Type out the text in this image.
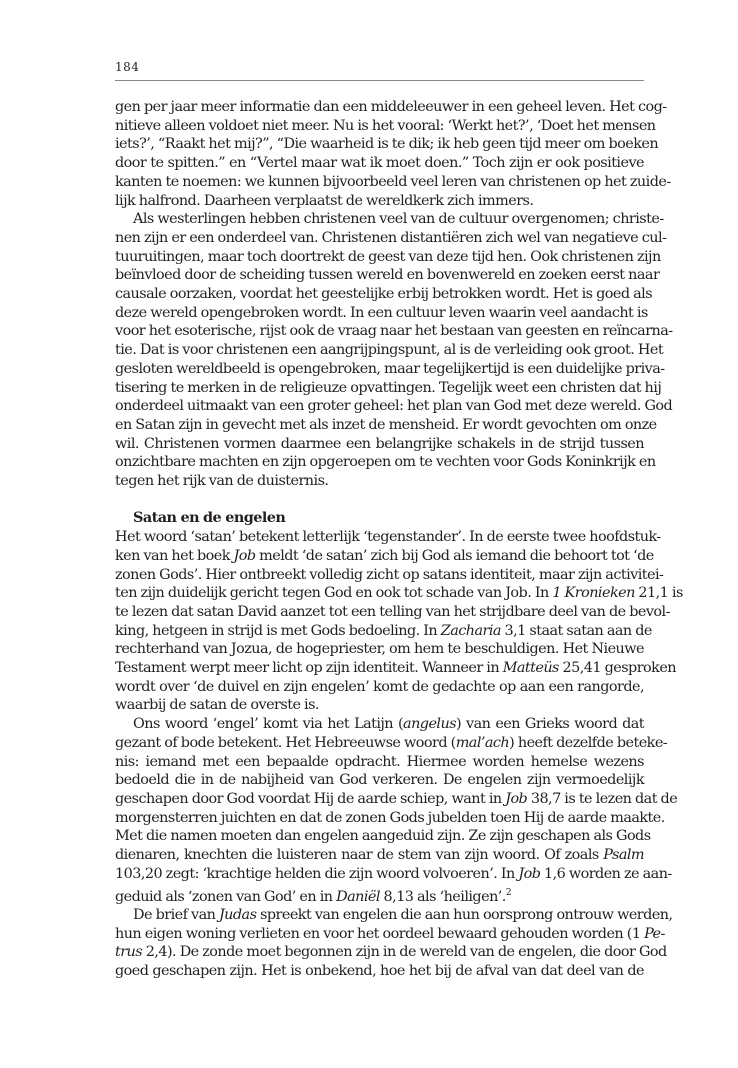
184
gen per jaar meer informatie dan een middeleeuwer in een geheel leven. Het cog-
nitieve alleen voldoet niet meer. Nu is het vooral: ‘Werkt het?’, ‘Doet het mensen
iets?’, “Raakt het mij?”, “Die waarheid is te dik; ik heb geen tijd meer om boeken
door te spitten.” en “Vertel maar wat ik moet doen.” Toch zijn er ook positieve
kanten te noemen: we kunnen bijvoorbeeld veel leren van christenen op het zuide-
lijk halfrond. Daarheen verplaatst de wereldkerk zich immers.
Als westerlingen hebben christenen veel van de cultuur overgenomen; christe-
nen zijn er een onderdeel van. Christenen distantiëren zich wel van negatieve cul-
tuuruitingen, maar toch doortrekt de geest van deze tijd hen. Ook christenen zijn
beïnvloed door de scheiding tussen wereld en bovenwereld en zoeken eerst naar
causale oorzaken, voordat het geestelijke erbij betrokken wordt. Het is goed als
deze wereld opengebroken wordt. In een cultuur leven waarin veel aandacht is
voor het esoterische, rijst ook de vraag naar het bestaan van geesten en reïncarna-
tie. Dat is voor christenen een aangrijpingspunt, al is de verleiding ook groot. Het
gesloten wereldbeeld is opengebroken, maar tegelijkertijd is een duidelijke priva-
tisering te merken in de religieuze opvattingen. Tegelijk weet een christen dat hij
onderdeel uitmaakt van een groter geheel: het plan van God met deze wereld. God
en Satan zijn in gevecht met als inzet de mensheid. Er wordt gevochten om onze
wil. Christenen vormen daarmee een belangrijke schakels in de strijd tussen
onzichtbare machten en zijn opgeroepen om te vechten voor Gods Koninkrijk en
tegen het rijk van de duisternis.
Satan en de engelen
Het woord ‘satan’ betekent letterlijk ‘tegenstander’. In de eerste twee hoofdstuk-
ken van het boek Job meldt ‘de satan’ zich bij God als iemand die behoort tot ‘de
zonen Gods’. Hier ontbreekt volledig zicht op satans identiteit, maar zijn activitei-
ten zijn duidelijk gericht tegen God en ook tot schade van Job. In 1 Kronieken 21,1 is
te lezen dat satan David aanzet tot een telling van het strijdbare deel van de bevol-
king, hetgeen in strijd is met Gods bedoeling. In Zacharia 3,1 staat satan aan de
rechterhand van Jozua, de hogepriester, om hem te beschuldigen. Het Nieuwe
Testament werpt meer licht op zijn identiteit. Wanneer in Matteüs 25,41 gesproken
wordt over ‘de duivel en zijn engelen’ komt de gedachte op aan een rangorde,
waarbij de satan de overste is.
Ons woord ‘engel’ komt via het Latijn (angelus) van een Grieks woord dat
gezant of bode betekent. Het Hebreeuwse woord (mal’ach) heeft dezelfde beteke-
nis: iemand met een bepaalde opdracht. Hiermee worden hemelse wezens
bedoeld die in de nabijheid van God verkeren. De engelen zijn vermoedelijk
geschapen door God voordat Hij de aarde schiep, want in Job 38,7 is te lezen dat de
morgensterren juichten en dat de zonen Gods jubelden toen Hij de aarde maakte.
Met die namen moeten dan engelen aangeduid zijn. Ze zijn geschapen als Gods
dienaren, knechten die luisteren naar de stem van zijn woord. Of zoals Psalm
103,20 zegt: ‘krachtige helden die zijn woord volvoeren’. In Job 1,6 worden ze aan-
geduid als ‘zonen van God’ en in Daniël 8,13 als ‘heiligen’.$^2$
De brief van Judas spreekt van engelen die aan hun oorsprong ontrouw werden,
hun eigen woning verlieten en voor het oordeel bewaard gehouden worden (1 Pe-
trus 2,4). De zonde moet begonnen zijn in de wereld van de engelen, die door God
goed geschapen zijn. Het is onbekend, hoe het bij de afval van dat deel van de
